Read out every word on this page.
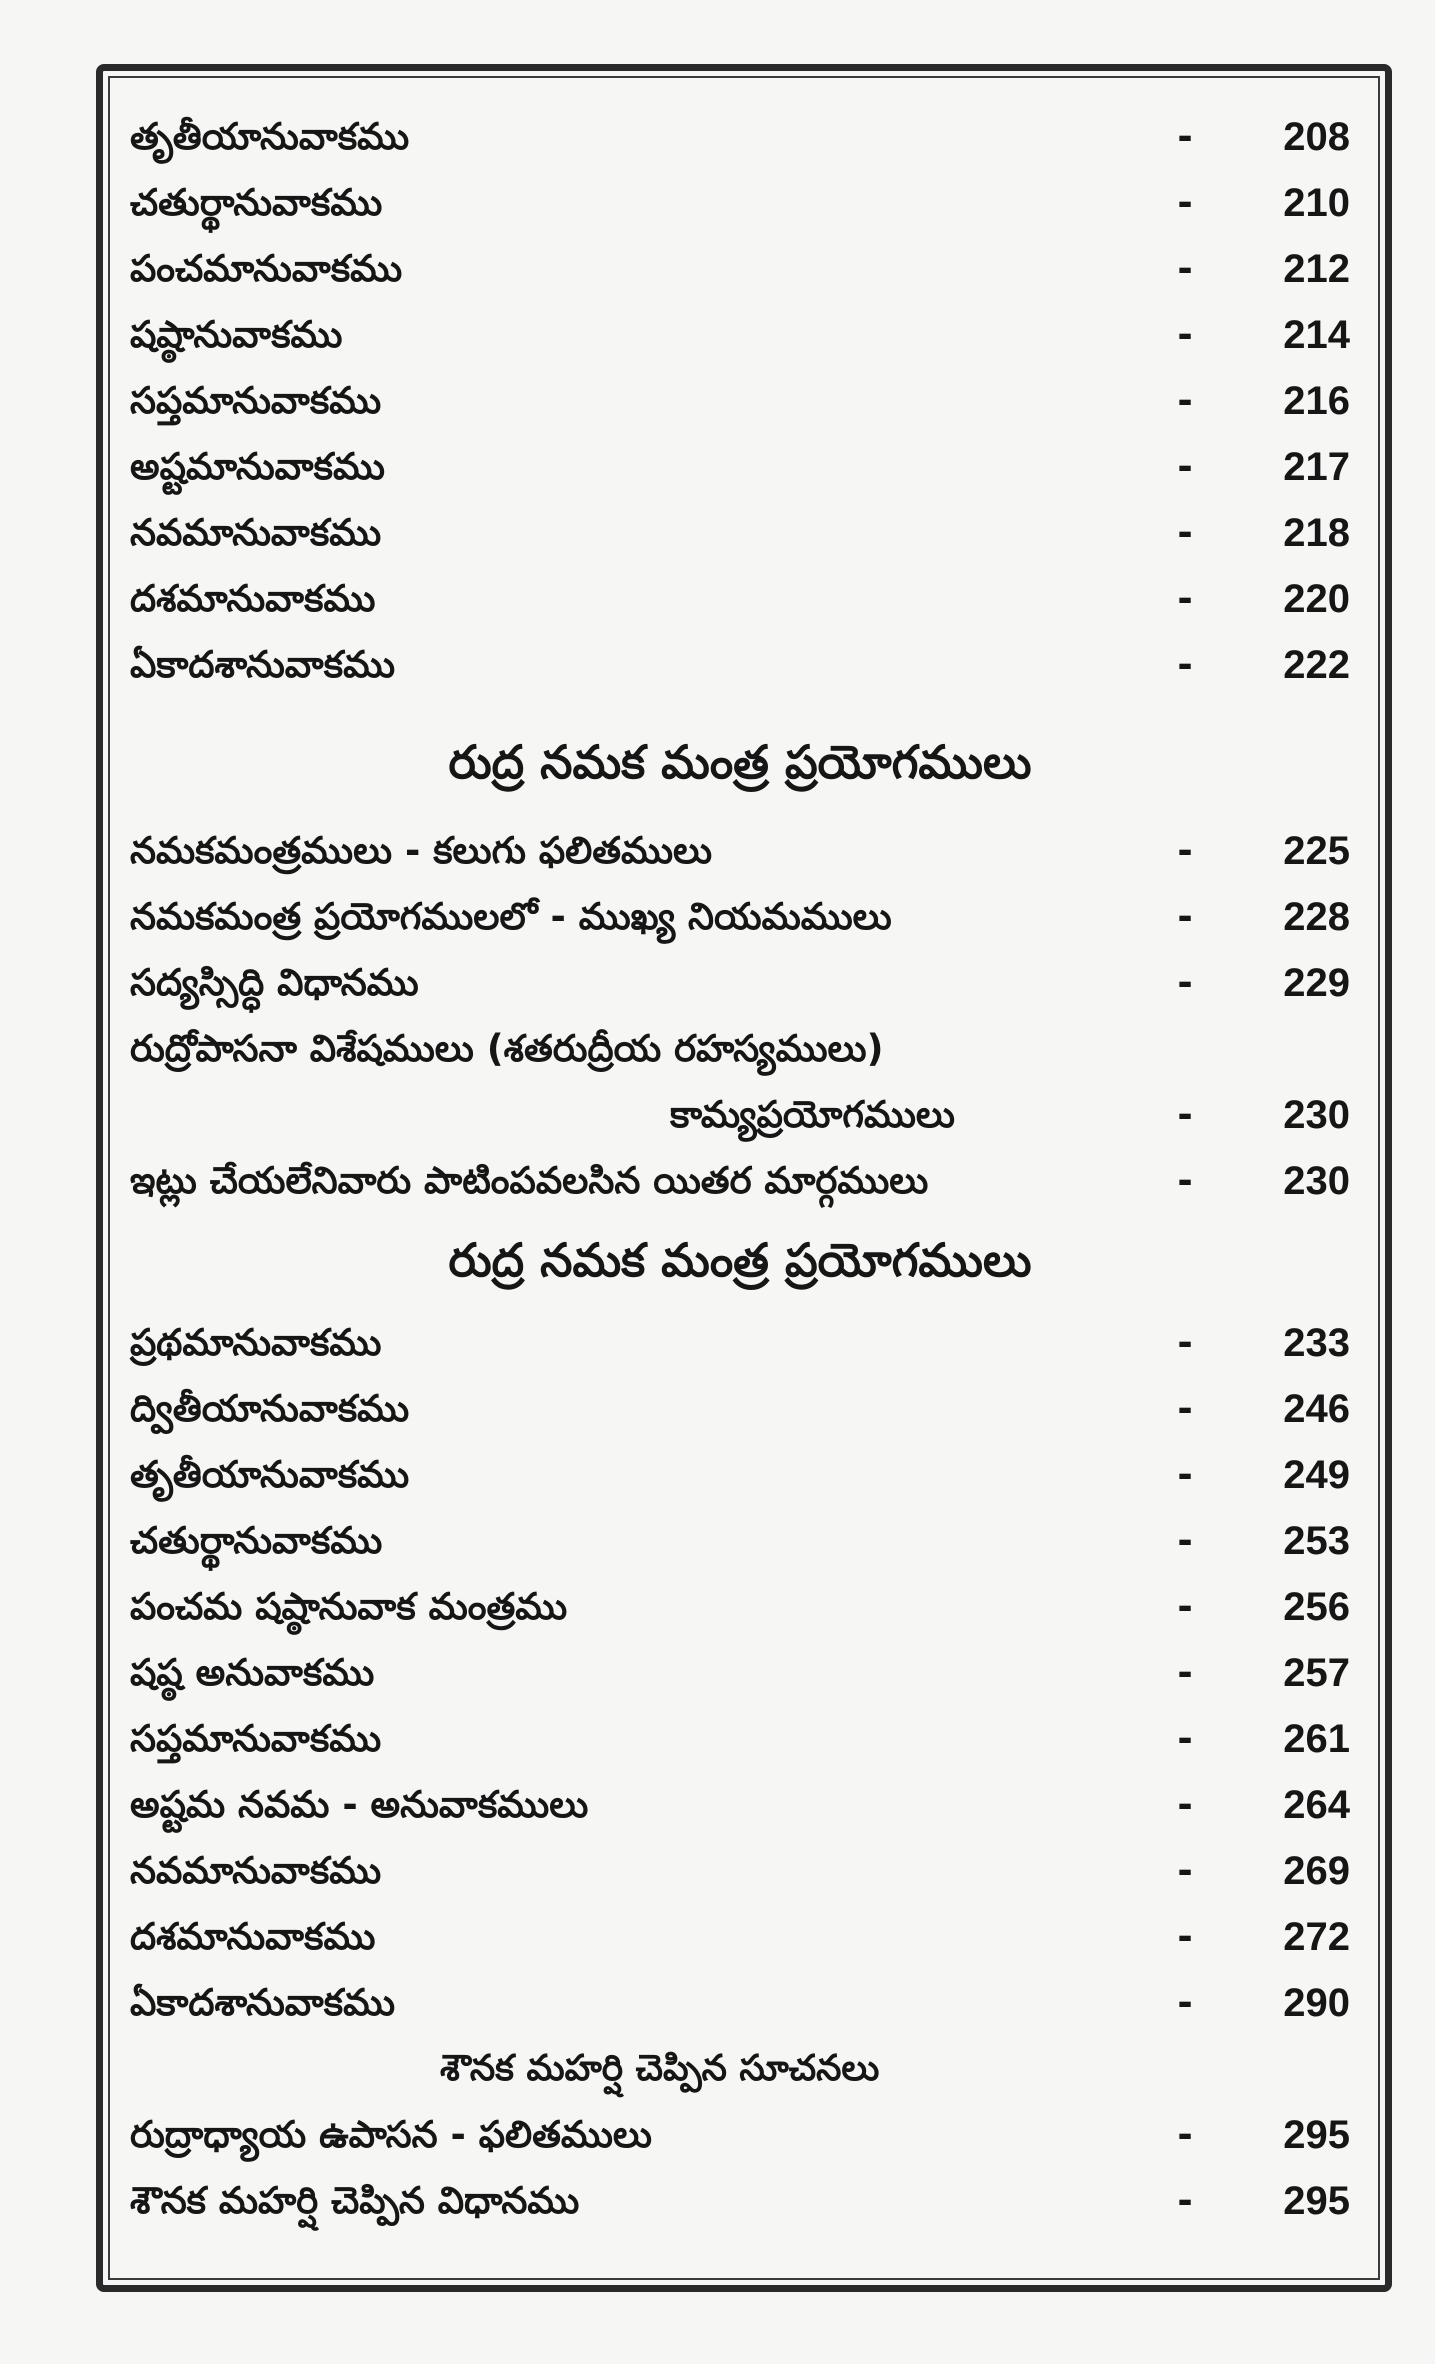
తృతీయానువాకము	-	208
చతుర్థానువాకము	-	210
పంచమానువాకము	-	212
షష్ఠానువాకము	-	214
సప్తమానువాకము	-	216
అష్టమానువాకము	-	217
నవమానువాకము	-	218
దశమానువాకము	-	220
ఏకాదశానువాకము	-	222
రుద్ర నమక మంత్ర ప్రయోగములు
నమకమంత్రములు - కలుగు ఫలితములు	-	225
నమకమంత్ర ప్రయోగములలో - ముఖ్య నియమములు	-	228
సద్యస్సిద్ధి విధానము	-	229
రుద్రోపాసనా విశేషములు (శతరుద్రీయ రహస్యములు)
కామ్యప్రయోగములు	-	230
ఇట్లు చేయలేనివారు పాటింపవలసిన యితర మార్గములు	-	230
రుద్ర నమక మంత్ర ప్రయోగములు
ప్రథమానువాకము	-	233
ద్వితీయానువాకము	-	246
తృతీయానువాకము	-	249
చతుర్థానువాకము	-	253
పంచమ షష్ఠానువాక మంత్రము	-	256
షష్ఠ అనువాకము	-	257
సప్తమానువాకము	-	261
అష్టమ నవమ - అనువాకములు	-	264
నవమానువాకము	-	269
దశమానువాకము	-	272
ఏకాదశానువాకము	-	290
శౌనక మహర్షి చెప్పిన సూచనలు
రుద్రాధ్యాయ ఉపాసన - ఫలితములు	-	295
శౌనక మహర్షి చెప్పిన విధానము	-	295
